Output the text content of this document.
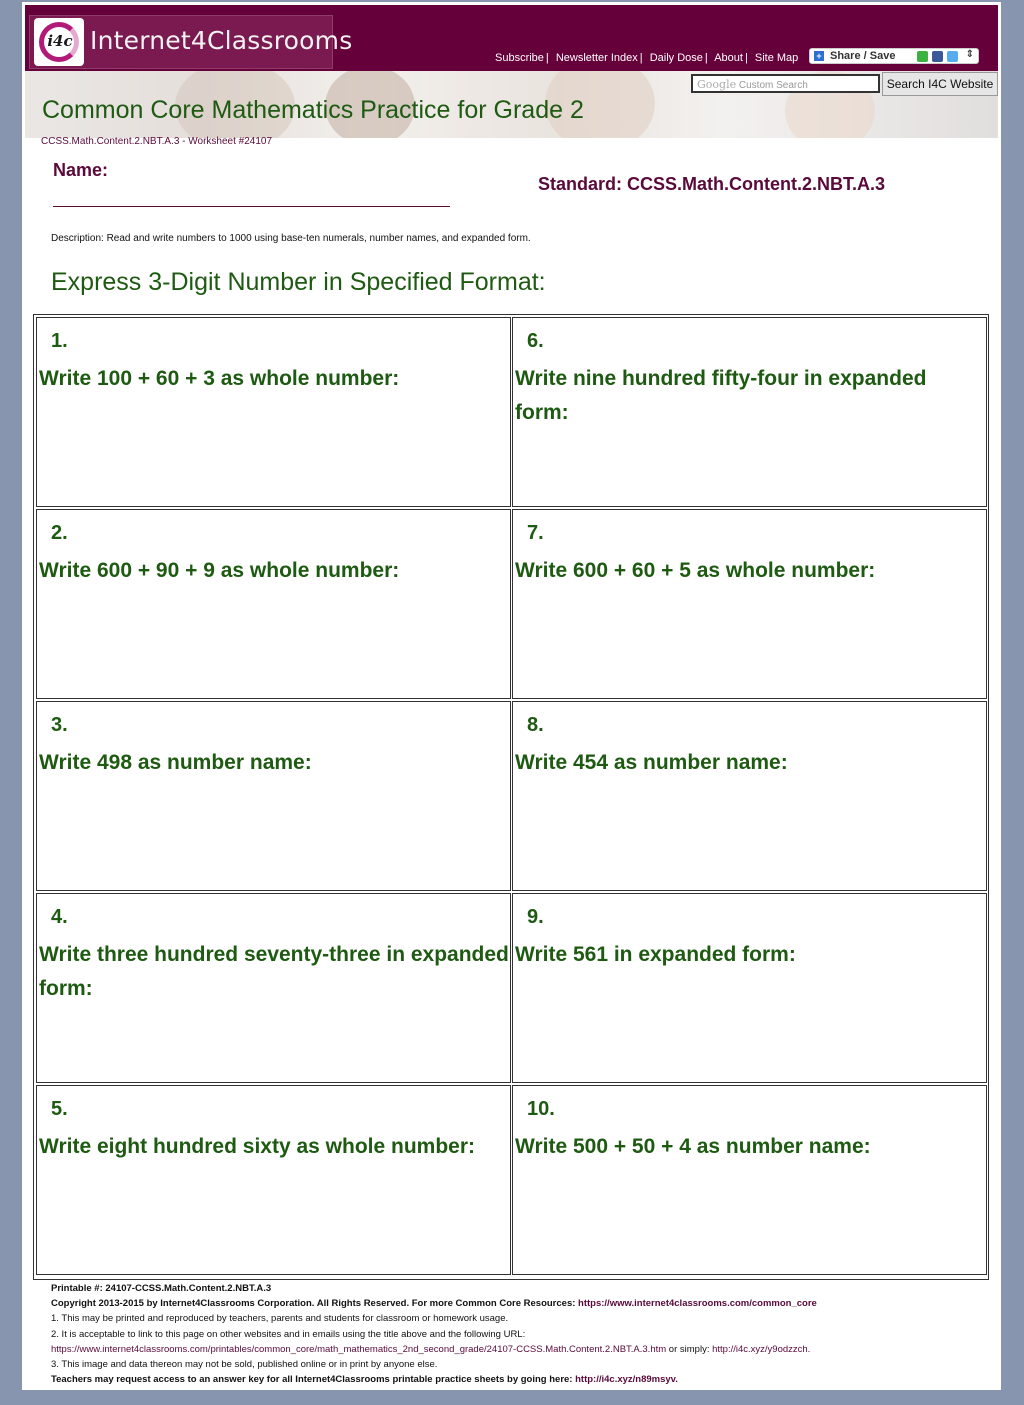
i4c Internet4Classrooms
Subscribe | Newsletter Index | Daily Dose | About | Site Map + Share / Save	⇕
Common Core Mathematics Practice for Grade 2
Google Custom Search	Search I4C Website
CCSS.Math.Content.2.NBT.A.3 - Worksheet #24107
Name:
Standard: CCSS.Math.Content.2.NBT.A.3
Description: Read and write numbers to 1000 using base-ten numerals, number names, and expanded form.
Express 3-Digit Number in Specified Format:
1.
Write 100 + 60 + 3 as whole number:
6.
Write nine hundred fifty-four in expanded form:
2.
Write 600 + 90 + 9 as whole number:
7.
Write 600 + 60 + 5 as whole number:
3.
Write 498 as number name:
8.
Write 454 as number name:
4.
Write three hundred seventy-three in expanded form:
9.
Write 561 in expanded form:
5.
Write eight hundred sixty as whole number:
10.
Write 500 + 50 + 4 as number name:
Printable #: 24107-CCSS.Math.Content.2.NBT.A.3
Copyright 2013-2015 by Internet4Classrooms Corporation. All Rights Reserved. For more Common Core Resources: https://www.internet4classrooms.com/common_core
1. This may be printed and reproduced by teachers, parents and students for classroom or homework usage.
2. It is acceptable to link to this page on other websites and in emails using the title above and the following URL:
https://www.internet4classrooms.com/printables/common_core/math_mathematics_2nd_second_grade/24107-CCSS.Math.Content.2.NBT.A.3.htm or simply: http://i4c.xyz/y9odzzch.
3. This image and data thereon may not be sold, published online or in print by anyone else.
Teachers may request access to an answer key for all Internet4Classrooms printable practice sheets by going here: http://i4c.xyz/n89msyv.
